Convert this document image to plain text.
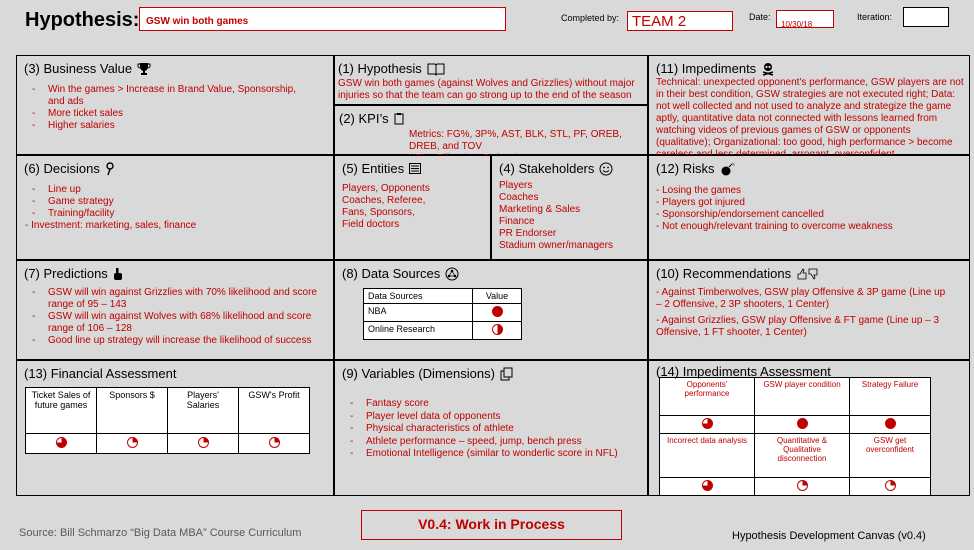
Hypothesis: GSW win both games	Completed by: TEAM 2	Date:
10/30/18
Iteration:
(3) Business Value
- Win the games > Increase in Brand Value, Sponsorship, and ads
- More ticket sales
- Higher salaries
(1) Hypothesis
GSW win both games (against Wolves and Grizzlies) without major injuries so that the team can go strong up to the end of the season
(2) KPI’s
Metrics: FG%, 3P%, AST, BLK, STL, PF, OREB, DREB, and TOV
(11) Impediments
Technical: unexpected opponent's performance, GSW players are not in their best condition, GSW strategies are not executed right; Data: not well collected and not used to analyze and strategize the game aptly, quantitative data not connected with lessons learned from watching videos of previous games of GSW or opponents (qualitative); Organizational: too good, high performance > become
(6) Decisions
- Line up
- Game strategy
- Training/facility
- Investment: marketing, sales, finance
(5) Entities
Players, Opponents
Coaches, Referee,
Fans, Sponsors,
Field doctors
(4) Stakeholders
Players
Coaches
Marketing & Sales
Finance
PR Endorser
Stadium owner/managers
(12) Risks
- Losing the games
- Players got injured
- Sponsorship/endorsement cancelled
- Not enough/relevant training to overcome weakness
(7) Predictions
- GSW will win against Grizzlies with 70% likelihood and score range of 95 – 143
- GSW will win against Wolves with 68% likelihood and score range of 106 – 128
- Good line up strategy will increase the likelihood of success
(8) Data Sources
Data Sources	Value
NBA	
Online Research	
(10) Recommendations
- Against Timberwolves, GSW play Offensive & 3P game (Line up – 2 Offensive, 2 3P shooters, 1 Center)
- Against Grizzlies, GSW play Offensive & FT game (Line up – 3 Offensive, 1 FT shooter, 1 Center)
(13) Financial Assessment
Ticket Sales of future games	Sponsors $	Players' Salaries	GSW's Profit

(9) Variables (Dimensions)
- Fantasy score
- Player level data of opponents
- Physical characteristics of athlete
- Athlete performance – speed, jump, bench press
- Emotional Intelligence (similar to wonderlic score in NFL)
(14) Impediments Assessment
Opponents' performance	GSW player condition	Strategy Failure

Incorrect data analysis	Quantitative & Qualitative disconnection	GSW get overconfident

Source: Bill Schmarzo “Big Data MBA” Course Curriculum
V0.4: Work in Process
Hypothesis Development Canvas (v0.4)
